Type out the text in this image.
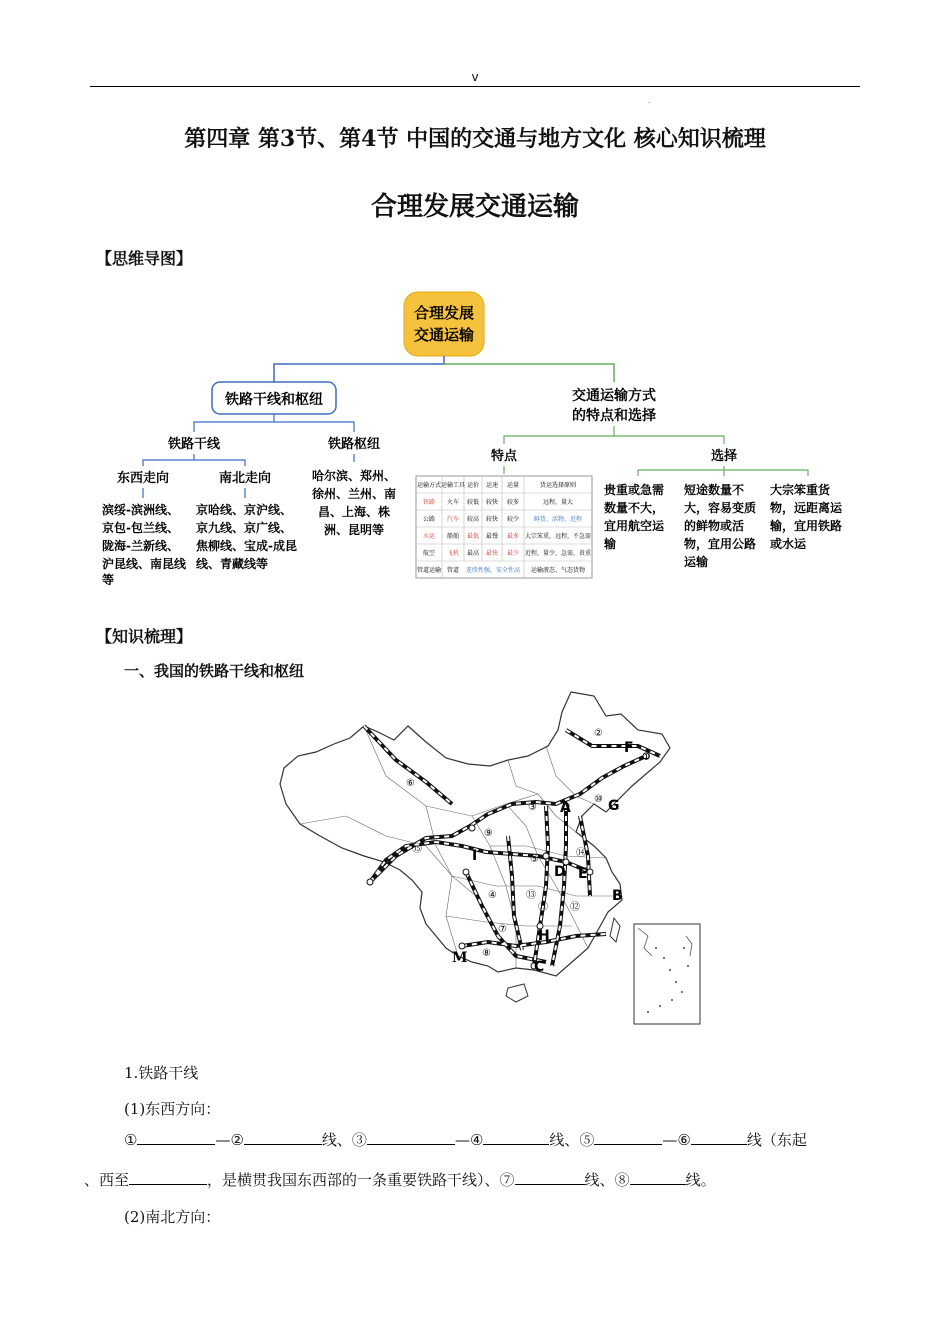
v
.
第四章 第3节、第4节 中国的交通与地方文化 核心知识梳理
合理发展交通运输
【思维导图】
合理发展
交通运输
铁路干线和枢纽	交通运输方式
的特点和选择
铁路干线	铁路枢纽
东西走向	南北走向
滨绥-滨洲线、
京包-包兰线、
陇海-兰新线、
沪昆线、南昆线
等
京哈线、京沪线、
京九线、京广线、
焦柳线、宝成-成昆
线、青藏线等
哈尔滨、郑州、
徐州、兰州、南
昌、上海、株
洲、昆明等
特点	选择
运输方式 运输工具 运价 运速 运量	货运选择原则
铁路 火车 较低 较快 较多	远程，量大
公路 汽车 较高 较快 较少 鲜货、活物、近程
水运 船舶 最低 最慢 最多 大宗笨重，远程，不急需
航空 飞机 最高 最快 最少 近程，量少，急需，贵重
管道运输 管道 连续性强，安全性高 运输液态、气态货物
贵重或急需
数量不大，
宜用航空运
输
短途数量不
大，容易变质
的鲜物或活
物，宜用公路
运输
大宗笨重货
物，远距离运
输，宜用铁路
或水运
【知识梳理】
一、我国的铁路干线和枢纽
A
B
C
D E
F
G
H
I
M
①
②
③
④
⑤
⑥
⑦
⑧
⑨
⑩
⑪ ⑫
⑬
⑭
⑮
1.铁路干线
(1)东西方向：
①	—②	线、③	—④	线、⑤	—⑥	线（东起
、西至	，是横贯我国东西部的一条重要铁路干线）、⑦	线、⑧	线。
(2)南北方向：
